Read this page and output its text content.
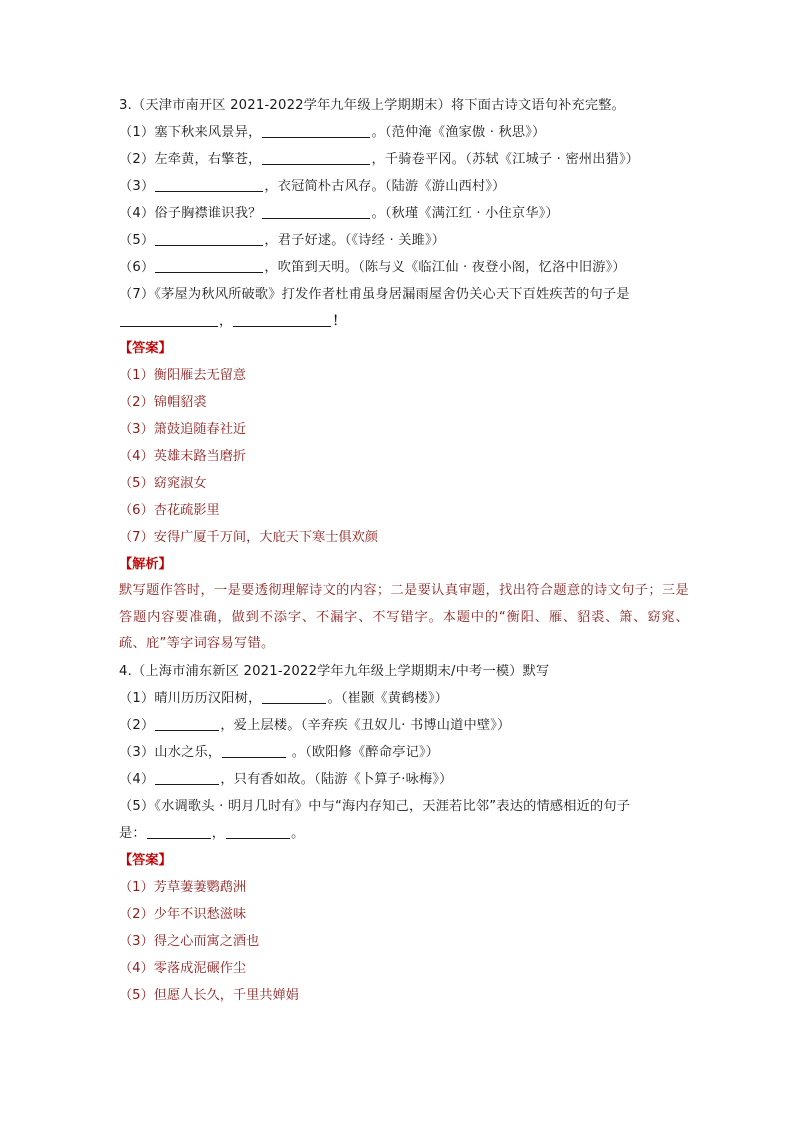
3.（天津市南开区 2021-2022学年九年级上学期期末）将下面古诗文语句补充完整。
（1）塞下秋来风景异，	。（范仲淹《渔家傲 · 秋思》）
（2）左牵黄，右擎苍，	，千骑卷平冈。（苏轼《江城子 · 密州出猎》）
（3）	，衣冠简朴古风存。（陆游《游山西村》）
（4）俗子胸襟谁识我？	。（秋瑾《满江红 · 小住京华》）
（5）	，君子好逑。（《诗经 · 关雎》）
（6）	，吹笛到天明。（陈与义《临江仙 · 夜登小阁，忆洛中旧游》）
（7）《茅屋为秋风所破歌》打发作者杜甫虽身居漏雨屋舍仍关心天下百姓疾苦的句子是
，	！
【答案】
（1）衡阳雁去无留意
（2）锦帽貂裘
（3）箫鼓追随春社近
（4）英雄末路当磨折
（5）窈窕淑女
（6）杏花疏影里
（7）安得广厦千万间，大庇天下寒士俱欢颜
【解析】
默写题作答时，一是要透彻理解诗文的内容；二是要认真审题，找出符合题意的诗文句子；三是答题内容要准确，做到不添字、不漏字、不写错字。本题中的“衡阳、雁、貂裘、箫、窈窕、疏、庇”等字词容易写错。
4.（上海市浦东新区 2021-2022学年九年级上学期期末/中考一模）默写
（1）晴川历历汉阳树，	。（崔颢《黄鹤楼》）
（2）	，爱上层楼。（辛弃疾《丑奴儿· 书博山道中壁》）
（3）山水之乐，	。（欧阳修《醉命亭记》）
（4）	，只有香如故。（陆游《卜算子·咏梅》）
（5）《水调歌头 · 明月几时有》中与“海内存知己，天涯若比邻”表达的情感相近的句子
是：	，	。
【答案】
（1）芳草萋萋鹦鹉洲
（2）少年不识愁滋味
（3）得之心而寓之酒也
（4）零落成泥碾作尘
（5）但愿人长久，千里共婵娟
